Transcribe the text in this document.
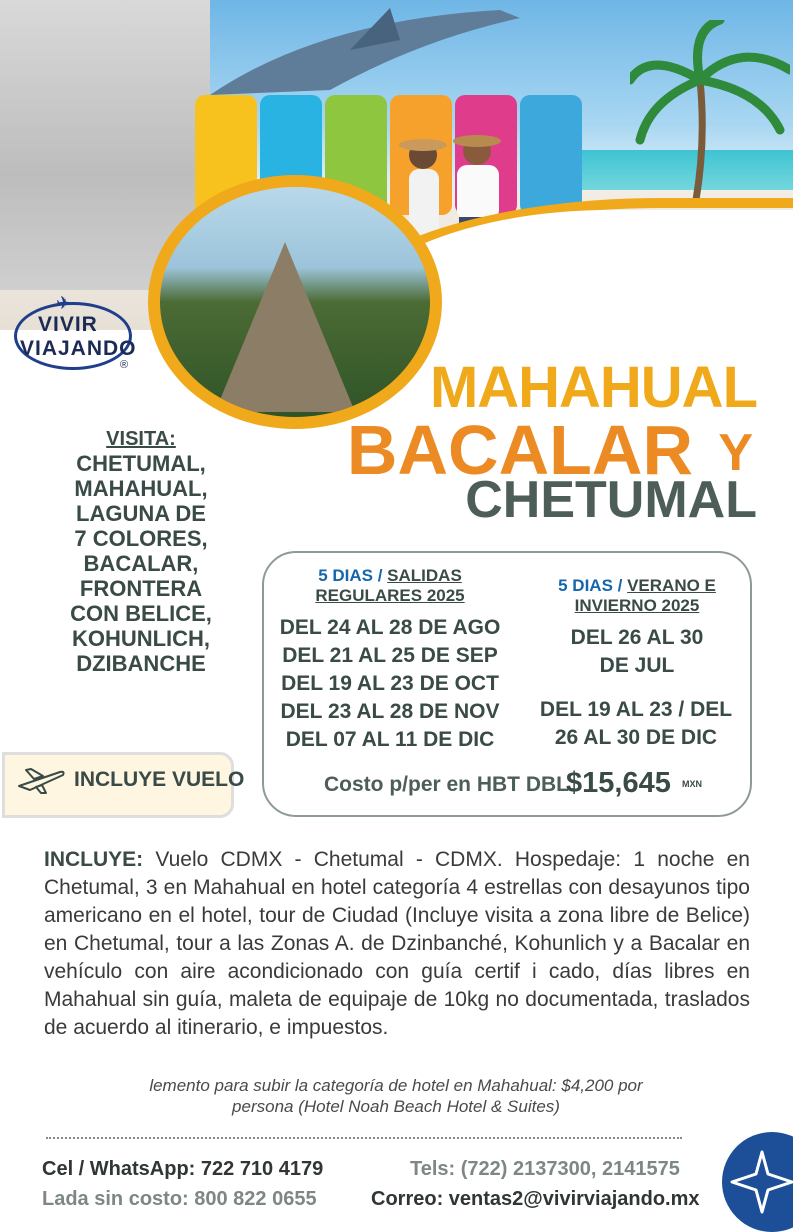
✈
VIVIR
VIAJANDO
®	MAHAHUAL
BACALAR Y
CHETUMAL
VISITA:
CHETUMAL,
MAHAHUAL,
LAGUNA DE
7 COLORES,
BACALAR,
FRONTERA
CON BELICE,
KOHUNLICH,
DZIBANCHE
5 DIAS / SALIDAS
REGULARES 2025
DEL 24 AL 28 DE AGO
DEL 21 AL 25 DE SEP
DEL 19 AL 23 DE OCT
DEL 23 AL 28 DE NOV
DEL 07 AL 11 DE DIC
5 DIAS / VERANO E
INVIERNO 2025
DEL 26 AL 30
DE JUL
DEL 19 AL 23 / DEL
26 AL 30 DE DIC
Costo p/per en HBT DBL:
$15,645 MXN
INCLUYE VUELO
INCLUYE: Vuelo CDMX - Chetumal - CDMX. Hospedaje: 1 noche en Chetumal, 3 en Mahahual en hotel categoría 4 estrellas con desayunos tipo americano en el hotel, tour de Ciudad (Incluye visita a zona libre de Belice) en Chetumal, tour a las Zonas A. de Dzinbanché, Kohunlich y a Bacalar en vehículo con aire acondicionado con guía certif i cado, días libres en Mahahual sin guía, maleta de equipaje de 10kg no documentada, traslados de acuerdo al itinerario, e impuestos.
lemento para subir la categoría de hotel en Mahahual: $4,200 por
persona (Hotel Noah Beach Hotel & Suites)
Cel / WhatsApp: 722 710 4179	Tels: (722) 2137300, 2141575
Lada sin costo: 800 822 0655	Correo: ventas2@vivirviajando.mx
